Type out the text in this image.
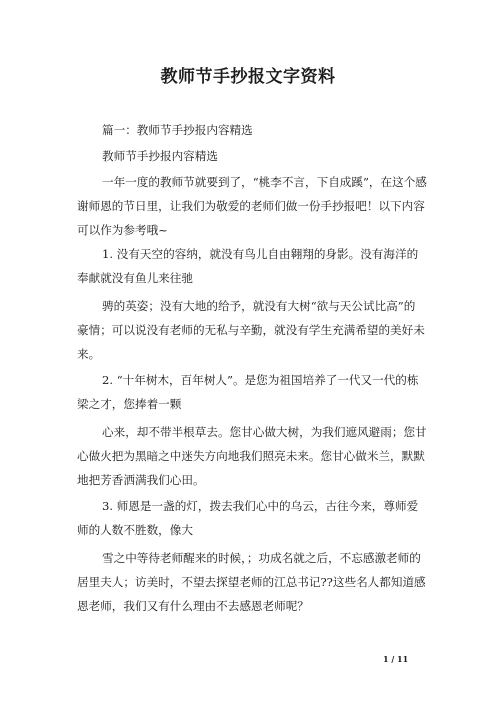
教师节手抄报文字资料
篇一：教师节手抄报内容精选
教师节手抄报内容精选
一年一度的教师节就要到了，“桃李不言，下自成蹊”，在这个感
谢师恩的节日里，让我们为敬爱的老师们做一份手抄报吧！以下内容
可以作为参考哦~
1. 没有天空的容纳，就没有鸟儿自由翱翔的身影。没有海洋的
奉献就没有鱼儿来往驰
骋的英姿；没有大地的给予，就没有大树“欲与天公试比高”的
豪情；可以说没有老师的无私与辛勤，就没有学生充满希望的美好未
来。
2. “十年树木，百年树人”。是您为祖国培养了一代又一代的栋
梁之才，您捧着一颗
心来，却不带半根草去。您甘心做大树，为我们遮风避雨；您甘
心做火把为黑暗之中迷失方向地我们照亮未来。您甘心做米兰，默默
地把芳香洒满我们心田。
3. 师恩是一盏的灯，拨去我们心中的乌云，古往今来，尊师爱
师的人数不胜数，像大
雪之中等待老师醒来的时候，；功成名就之后，不忘感激老师的
居里夫人；访美时，不望去探望老师的江总书记??这些名人都知道感
恩老师，我们又有什么理由不去感恩老师呢？
1 / 11
